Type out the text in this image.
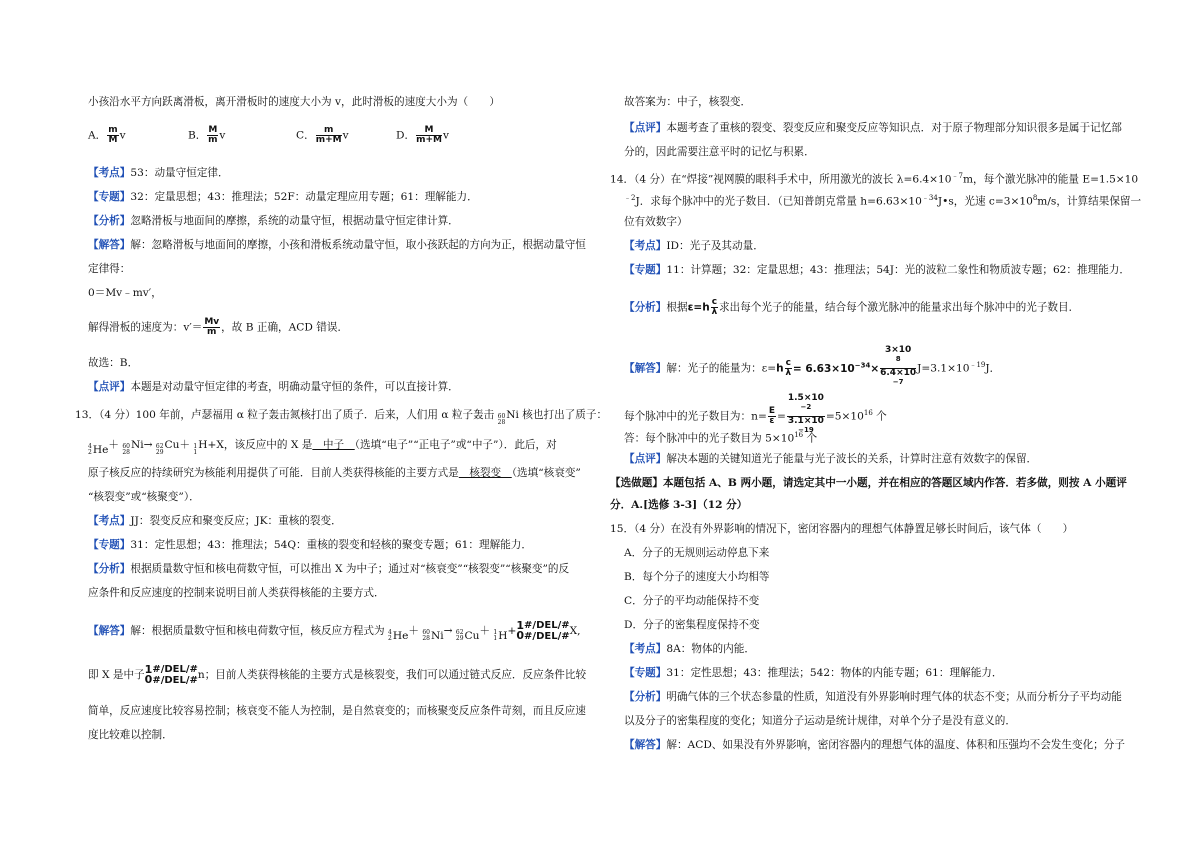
小孩沿水平方向跃离滑板，离开滑板时的速度大小为 v，此时滑板的速度大小为（　　）
A． $\frac{m}{M}$ v	B． $\frac{M}{m}$ v	C． $\frac{m}{m+M}$ v	D． $\frac{M}{m+M}$ v
【考点】53：动量守恒定律．
【专题】32：定量思想；43：推理法；52F：动量定理应用专题；61：理解能力．
【分析】忽略滑板与地面间的摩擦，系统的动量守恒，根据动量守恒定律计算．
【解答】解：忽略滑板与地面间的摩擦，小孩和滑板系统动量守恒，取小孩跃起的方向为正，根据动量守恒
定律得：
0＝Mv﹣mv′，
解得滑板的速度为：$v'= \frac{Mv}{m}$ ，故 B 正确，ACD 错误．
故选：B．
【点评】本题是对动量守恒定律的考查，明确动量守恒的条件，可以直接计算．
13．（4 分）100 年前，卢瑟福用 α 粒子轰击氮核打出了质子．后来，人们用 α 粒子轰击 60
28
Ni 核也打出了质子：
4
2 He ＋ 60
28
Ni→ 62
29
Cu＋ 1
1
H+X，该反应中的 X 是　中子　（选填“电子”“正电子”或“中子”）．此后，对
原子核反应的持续研究为核能利用提供了可能．目前人类获得核能的主要方式是　核裂变　（选填“核衰变”
“核裂变”或“核聚变”）．
【考点】JJ：裂变反应和聚变反应；JK：重核的裂变．
【专题】31：定性思想；43：推理法；54Q：重核的裂变和轻核的聚变专题；61：理解能力．
【分析】根据质量数守恒和核电荷数守恒，可以推出 X 为中子；通过对“核衰变”“核裂变”“核聚变”的反
应条件和反应速度的控制来说明目前人类获得核能的主要方式．
【解答】解：根据质量数守恒和核电荷数守恒，核反应方程式为 4
2 He ＋ 60
28 Ni → 62
29 Cu ＋ 1
1 H + 1
0
#/DEL/#
#/DEL/# X,
即 X 是中子 1
0
#/DEL/#
#/DEL/# n；目前人类获得核能的主要方式是核裂变，我们可以通过链式反应．反应条件比较
简单，反应速度比较容易控制；核衰变不能人为控制，是自然衰变的；而核聚变反应条件苛刻，而且反应速
度比较难以控制．
故答案为：中子，核裂变．
【点评】本题考查了重核的裂变、裂变反应和聚变反应等知识点．对于原子物理部分知识很多是属于记忆部
分的，因此需要注意平时的记忆与积累．
14．（4 分）在“焊接”视网膜的眼科手术中，所用激光的波长 $\lambda=6.4\times 10^{﹣7}m$，每个激光脉冲的能量 E=1.5×10
$^{﹣2}$J．求每个脉冲中的光子数目．（已知普朗克常量 $h=6.63\times 10^{﹣34}J•s$，光速 $c=3\times 10^8m/s$，计算结果保留一
位有效数字）
【考点】ID：光子及其动量．
【专题】11：计算题；32：定量思想；43：推理法；54J：光的波粒二象性和物质波专题；62：推理能力．
【分析】根据$\varepsilon=h \frac{c}{\lambda}$ 求出每个光子的能量，结合每个激光脉冲的能量求出每个脉冲中的光子数目．
【解答】解：光子的能量为：$\varepsilon=h \frac{c}{\lambda} = 6.63\times 10^{-34}\times 3\times 10$
$^8$
6.4×10
$^{-7}$ $J=3.1\times 10^{﹣19}J$．
每个脉冲中的光子数目为：$n= \frac{E}{\varepsilon} = 1.5\times 10$
$^{-2}$
3.1×10
$^{-19} =5\times 10^{16}$ 个
答：每个脉冲中的光子数目为 $5\times 10^{16}$ 个
【点评】解决本题的关键知道光子能量与光子波长的关系，计算时注意有效数字的保留．
【选做题】本题包括 A、B 两小题，请选定其中一小题，并在相应的答题区域内作答．若多做，则按 A 小题评
分．A.[选修 3-3]（12 分）
15．（4 分）在没有外界影响的情况下，密闭容器内的理想气体静置足够长时间后，该气体（　　）
A．分子的无规则运动停息下来
B．每个分子的速度大小均相等
C．分子的平均动能保持不变
D．分子的密集程度保持不变
【考点】8A：物体的内能．
【专题】31：定性思想；43：推理法；542：物体的内能专题；61：理解能力．
【分析】明确气体的三个状态参量的性质，知道没有外界影响时理气体的状态不变；从而分析分子平均动能
以及分子的密集程度的变化；知道分子运动是统计规律，对单个分子是没有意义的．
【解答】解：ACD、如果没有外界影响，密闭容器内的理想气体的温度、体积和压强均不会发生变化；分子
